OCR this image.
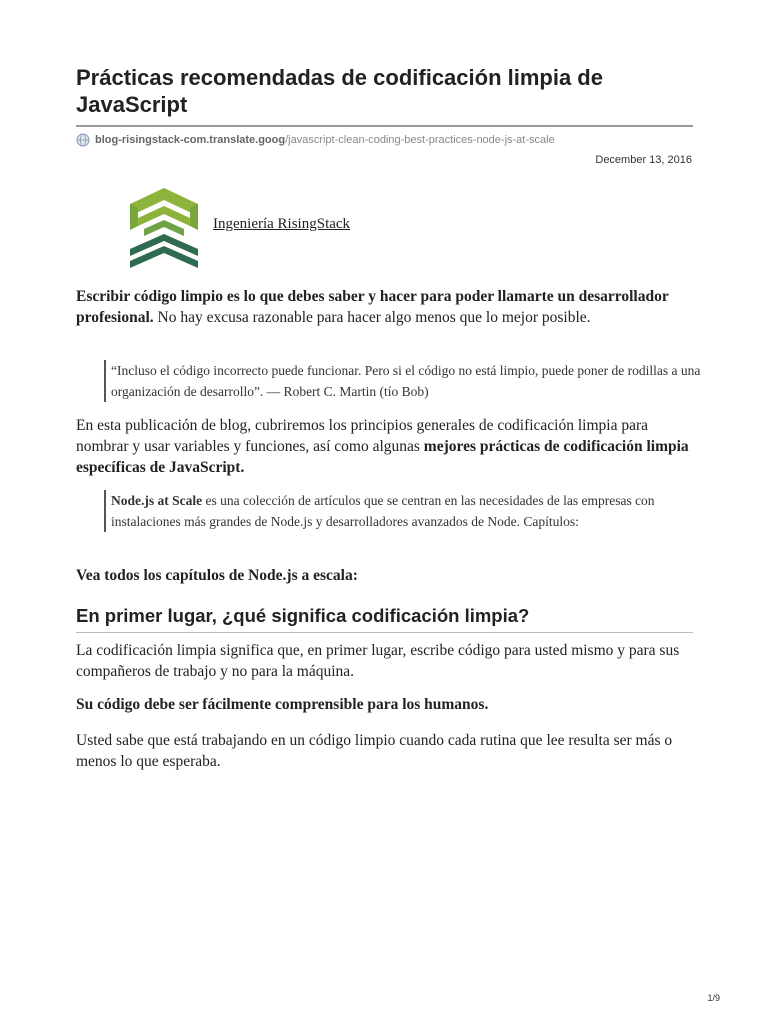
Prácticas recomendadas de codificación limpia de JavaScript
blog-risingstack-com.translate.goog /javascript-clean-coding-best-practices-node-js-at-scale
December 13, 2016
Ingeniería RisingStack

Escribir código limpio es lo que debes saber y hacer para poder llamarte un desarrollador profesional. No hay excusa razonable para hacer algo menos que lo mejor posible.

“Incluso el código incorrecto puede funcionar. Pero si el código no está limpio, puede poner de rodillas a una organización de desarrollo”. — Robert C. Martin (tío Bob)

En esta publicación de blog, cubriremos los principios generales de codificación limpia para nombrar y usar variables y funciones, así como algunas mejores prácticas de codificación limpia específicas de JavaScript.

Node.js at Scale es una colección de artículos que se centran en las necesidades de las empresas con instalaciones más grandes de Node.js y desarrolladores avanzados de Node. Capítulos:

Vea todos los capítulos de Node.js a escala:

En primer lugar, ¿qué significa codificación limpia?

La codificación limpia significa que, en primer lugar, escribe código para usted mismo y para sus compañeros de trabajo y no para la máquina.

Su código debe ser fácilmente comprensible para los humanos.

Usted sabe que está trabajando en un código limpio cuando cada rutina que lee resulta ser más o menos lo que esperaba.

1/9
